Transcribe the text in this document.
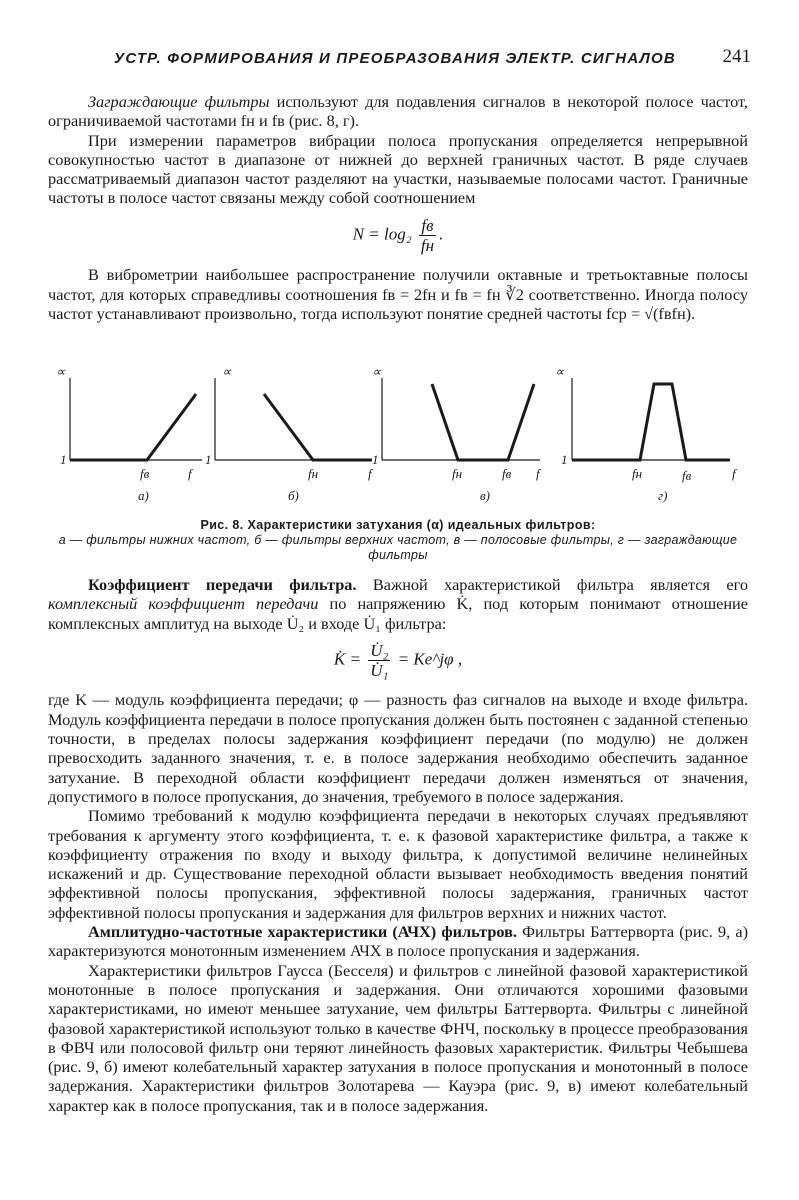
УСТР. ФОРМИРОВАНИЯ И ПРЕОБРАЗОВАНИЯ ЭЛЕКТР. СИГНАЛОВ 241

Заграждающие фильтры используют для подавления сигналов в некоторой полосе частот, ограничиваемой частотами fн и fв (рис. 8, г).

При измерении параметров вибрации полоса пропускания определяется непрерывной совокупностью частот в диапазоне от нижней до верхней граничных частот. В ряде случаев рассматриваемый диапазон частот разделяют на участки, называемые полосами частот. Граничные частоты в полосе частот связаны между собой соотношением

$N = \log_2 \frac{fв}{fн}$ .

В виброметрии наибольшее распространение получили октавные и третьоктавные полосы частот, для которых справедливы соотношения fв = 2fн и fв = fн ∛2 соответственно. Иногда полосу частот устанавливают произвольно, тогда используют понятие средней частоты fср = √(fвfн).

∝
1
f
fв
а)
∝
1
f
fн
б)
∝
1
f
fн	fв
в)
∝
1
f
fн	fв
г)
Рис. 8. Характеристики затухания (α) идеальных фильтров:
а — фильтры нижних частот, б — фильтры верхних частот, в — полосовые фильтры, г — заграждающие фильтры

Коэффициент передачи фильтра. Важной характеристикой фильтра является его комплексный коэффициент передачи по напряжению K̇, под которым понимают отношение комплексных амплитуд на выходе U̇₂ и входе U̇₁ фильтра:

K̇ = $\frac{\text{U̇₂}}{\text{U̇₁}}$ = Ke^jφ ,

где K — модуль коэффициента передачи; φ — разность фаз сигналов на выходе и входе фильтра. Модуль коэффициента передачи в полосе пропускания должен быть постоянен с заданной степенью точности, в пределах полосы задержания коэффициент передачи (по модулю) не должен превосходить заданного значения, т. е. в полосе задержания необходимо обеспечить заданное затухание. В переходной области коэффициент передачи должен изменяться от значения, допустимого в полосе пропускания, до значения, требуемого в полосе задержания.

Помимо требований к модулю коэффициента передачи в некоторых случаях предъявляют требования к аргументу этого коэффициента, т. е. к фазовой характеристике фильтра, а также к коэффициенту отражения по входу и выходу фильтра, к допустимой величине нелинейных искажений и др. Существование переходной области вызывает необходимость введения понятий эффективной полосы пропускания, эффективной полосы задержания, граничных частот эффективной полосы пропускания и задержания для фильтров верхних и нижних частот.

Амплитудно-частотные характеристики (АЧХ) фильтров. Фильтры Баттерворта (рис. 9, а) характеризуются монотонным изменением АЧХ в полосе пропускания и задержания.

Характеристики фильтров Гаусса (Бесселя) и фильтров с линейной фазовой характеристикой монотонные в полосе пропускания и задержания. Они отличаются хорошими фазовыми характеристиками, но имеют меньшее затухание, чем фильтры Баттерворта. Фильтры с линейной фазовой характеристикой используют только в качестве ФНЧ, поскольку в процессе преобразования в ФВЧ или полосовой фильтр они теряют линейность фазовых характеристик. Фильтры Чебышева (рис. 9, б) имеют колебательный характер затухания в полосе пропускания и монотонный в полосе задержания. Характеристики фильтров Золотарева — Кауэра (рис. 9, в) имеют колебательный характер как в полосе пропускания, так и в полосе задержания.
